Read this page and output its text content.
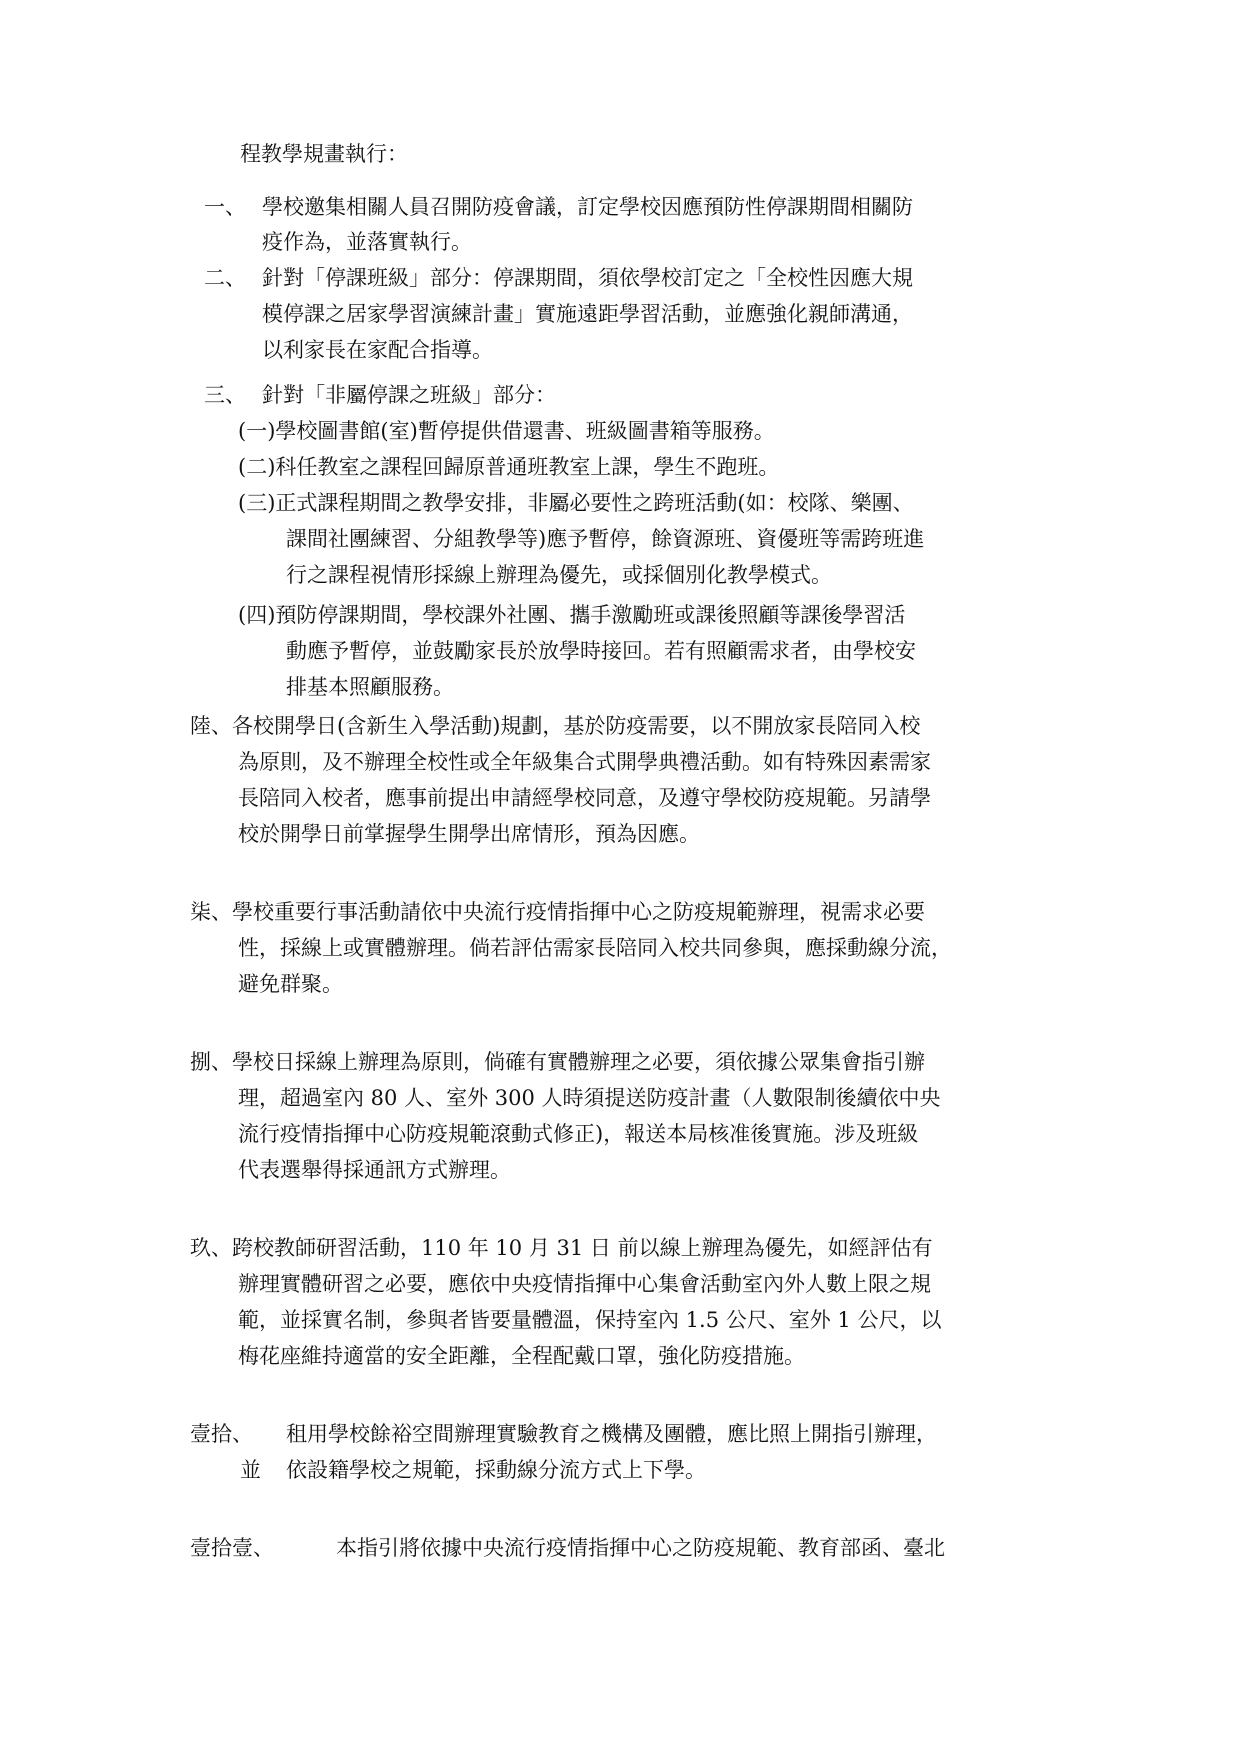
程教學規畫執行：
一、 學校邀集相關人員召開防疫會議，訂定學校因應預防性停課期間相關防
疫作為，並落實執行。
二、 針對「停課班級」部分：停課期間，須依學校訂定之「全校性因應大規
模停課之居家學習演練計畫」實施遠距學習活動，並應強化親師溝通，
以利家長在家配合指導。
三、 針對「非屬停課之班級」部分：
(一)學校圖書館(室)暫停提供借還書、班級圖書箱等服務。
(二)科任教室之課程回歸原普通班教室上課，學生不跑班。
(三)正式課程期間之教學安排，非屬必要性之跨班活動(如：校隊、樂團、
課間社團練習、分組教學等)應予暫停，餘資源班、資優班等需跨班進
行之課程視情形採線上辦理為優先，或採個別化教學模式。
(四)預防停課期間，學校課外社團、攜手激勵班或課後照顧等課後學習活
動應予暫停，並鼓勵家長於放學時接回。若有照顧需求者，由學校安
排基本照顧服務。
陸、各校開學日(含新生入學活動)規劃，基於防疫需要，以不開放家長陪同入校
為原則，及不辦理全校性或全年級集合式開學典禮活動。如有特殊因素需家
長陪同入校者，應事前提出申請經學校同意，及遵守學校防疫規範。另請學
校於開學日前掌握學生開學出席情形，預為因應。
柒、學校重要行事活動請依中央流行疫情指揮中心之防疫規範辦理，視需求必要
性，採線上或實體辦理。倘若評估需家長陪同入校共同參與，應採動線分流，
避免群聚。
捌、學校日採線上辦理為原則，倘確有實體辦理之必要，須依據公眾集會指引辦
理，超過室內 80 人、室外 300 人時須提送防疫計畫（人數限制後續依中央
流行疫情指揮中心防疫規範滾動式修正)，報送本局核准後實施。涉及班級
代表選舉得採通訊方式辦理。
玖、跨校教師研習活動，110 年 10 月 31 日 前以線上辦理為優先，如經評估有
辦理實體研習之必要，應依中央疫情指揮中心集會活動室內外人數上限之規
範，並採實名制，參與者皆要量體溫，保持室內 1.5 公尺、室外 1 公尺，以
梅花座維持適當的安全距離，全程配戴口罩，強化防疫措施。
壹拾、 租用學校餘裕空間辦理實驗教育之機構及團體，應比照上開指引辦理，
並 依設籍學校之規範，採動線分流方式上下學。
壹拾壹、	本指引將依據中央流行疫情指揮中心之防疫規範、教育部函、臺北
